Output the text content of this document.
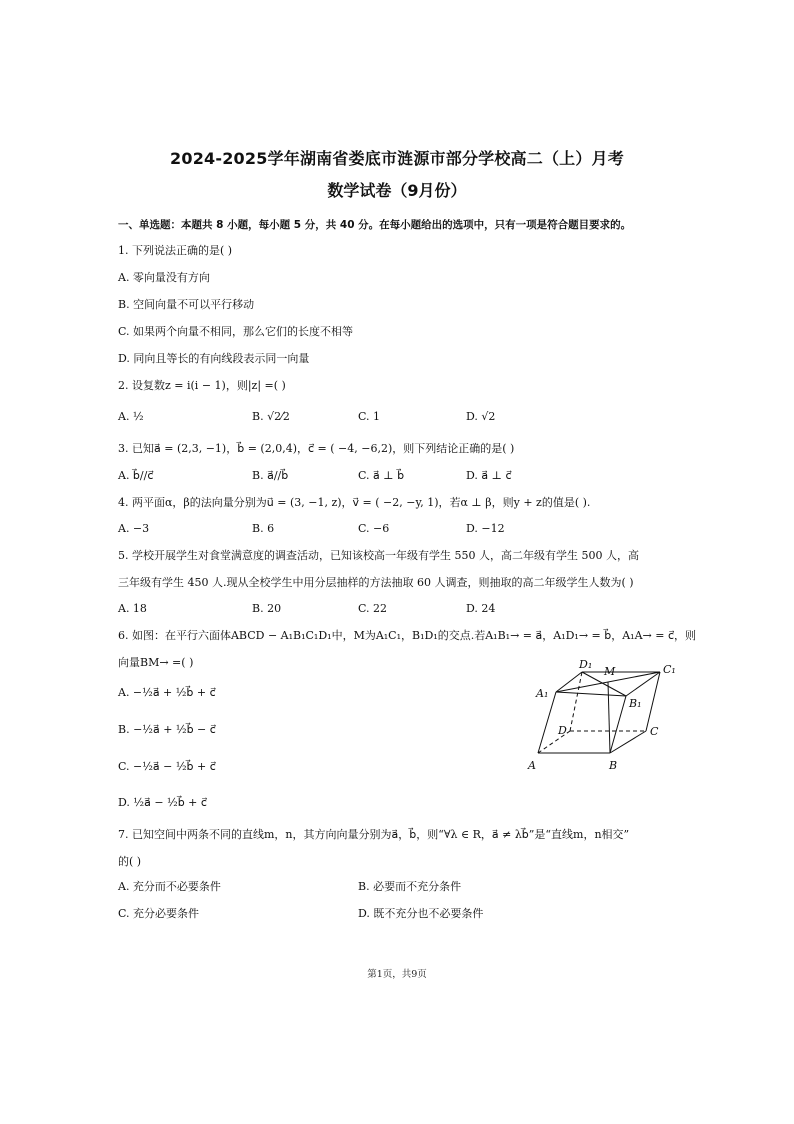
2024-2025学年湖南省娄底市涟源市部分学校高二（上）月考
数学试卷（9月份）
一、单选题：本题共 8 小题，每小题 5 分，共 40 分。在每小题给出的选项中，只有一项是符合题目要求的。
1. 下列说法正确的是( )
A. 零向量没有方向
B. 空间向量不可以平行移动
C. 如果两个向量不相同，那么它们的长度不相等
D. 同向且等长的有向线段表示同一向量
2. 设复数z = i(i − 1)，则|z| =( )
A. ½	B. √2⁄2	C. 1	D. √2
3. 已知a⃗ = (2,3, −1)，b⃗ = (2,0,4)，c⃗ = ( −4, −6,2)，则下列结论正确的是( )
A. b⃗//c⃗	B. a⃗//b⃗	C. a⃗ ⊥ b⃗	D. a⃗ ⊥ c⃗
4. 两平面α，β的法向量分别为u⃗ = (3, −1, z)，v⃗ = ( −2, −y, 1)，若α ⊥ β，则y + z的值是( ).
A. −3	B. 6	C. −6	D. −12
5. 学校开展学生对食堂满意度的调查活动，已知该校高一年级有学生 550 人，高二年级有学生 500 人，高
三年级有学生 450 人.现从全校学生中用分层抽样的方法抽取 60 人调查，则抽取的高二年级学生人数为( )
A. 18	B. 20	C. 22	D. 24
6. 如图：在平行六面体ABCD − A₁B₁C₁D₁中，M为A₁C₁，B₁D₁的交点.若A₁B₁→ = a⃗，A₁D₁→ = b⃗，A₁A→ = c⃗，则
向量BM→ =( )
A. −½a⃗ + ½b⃗ + c⃗
B. −½a⃗ + ½b⃗ − c⃗
C. −½a⃗ − ½b⃗ + c⃗
D. ½a⃗ − ½b⃗ + c⃗
D₁
M	C₁
A₁
B₁
D	C
A	B
7. 已知空间中两条不同的直线m，n，其方向向量分别为a⃗，b⃗，则“∀λ ∈ R，a⃗ ≠ λb⃗”是“直线m，n相交”
的( )
A. 充分而不必要条件	B. 必要而不充分条件
C. 充分必要条件	D. 既不充分也不必要条件
第1页，共9页
